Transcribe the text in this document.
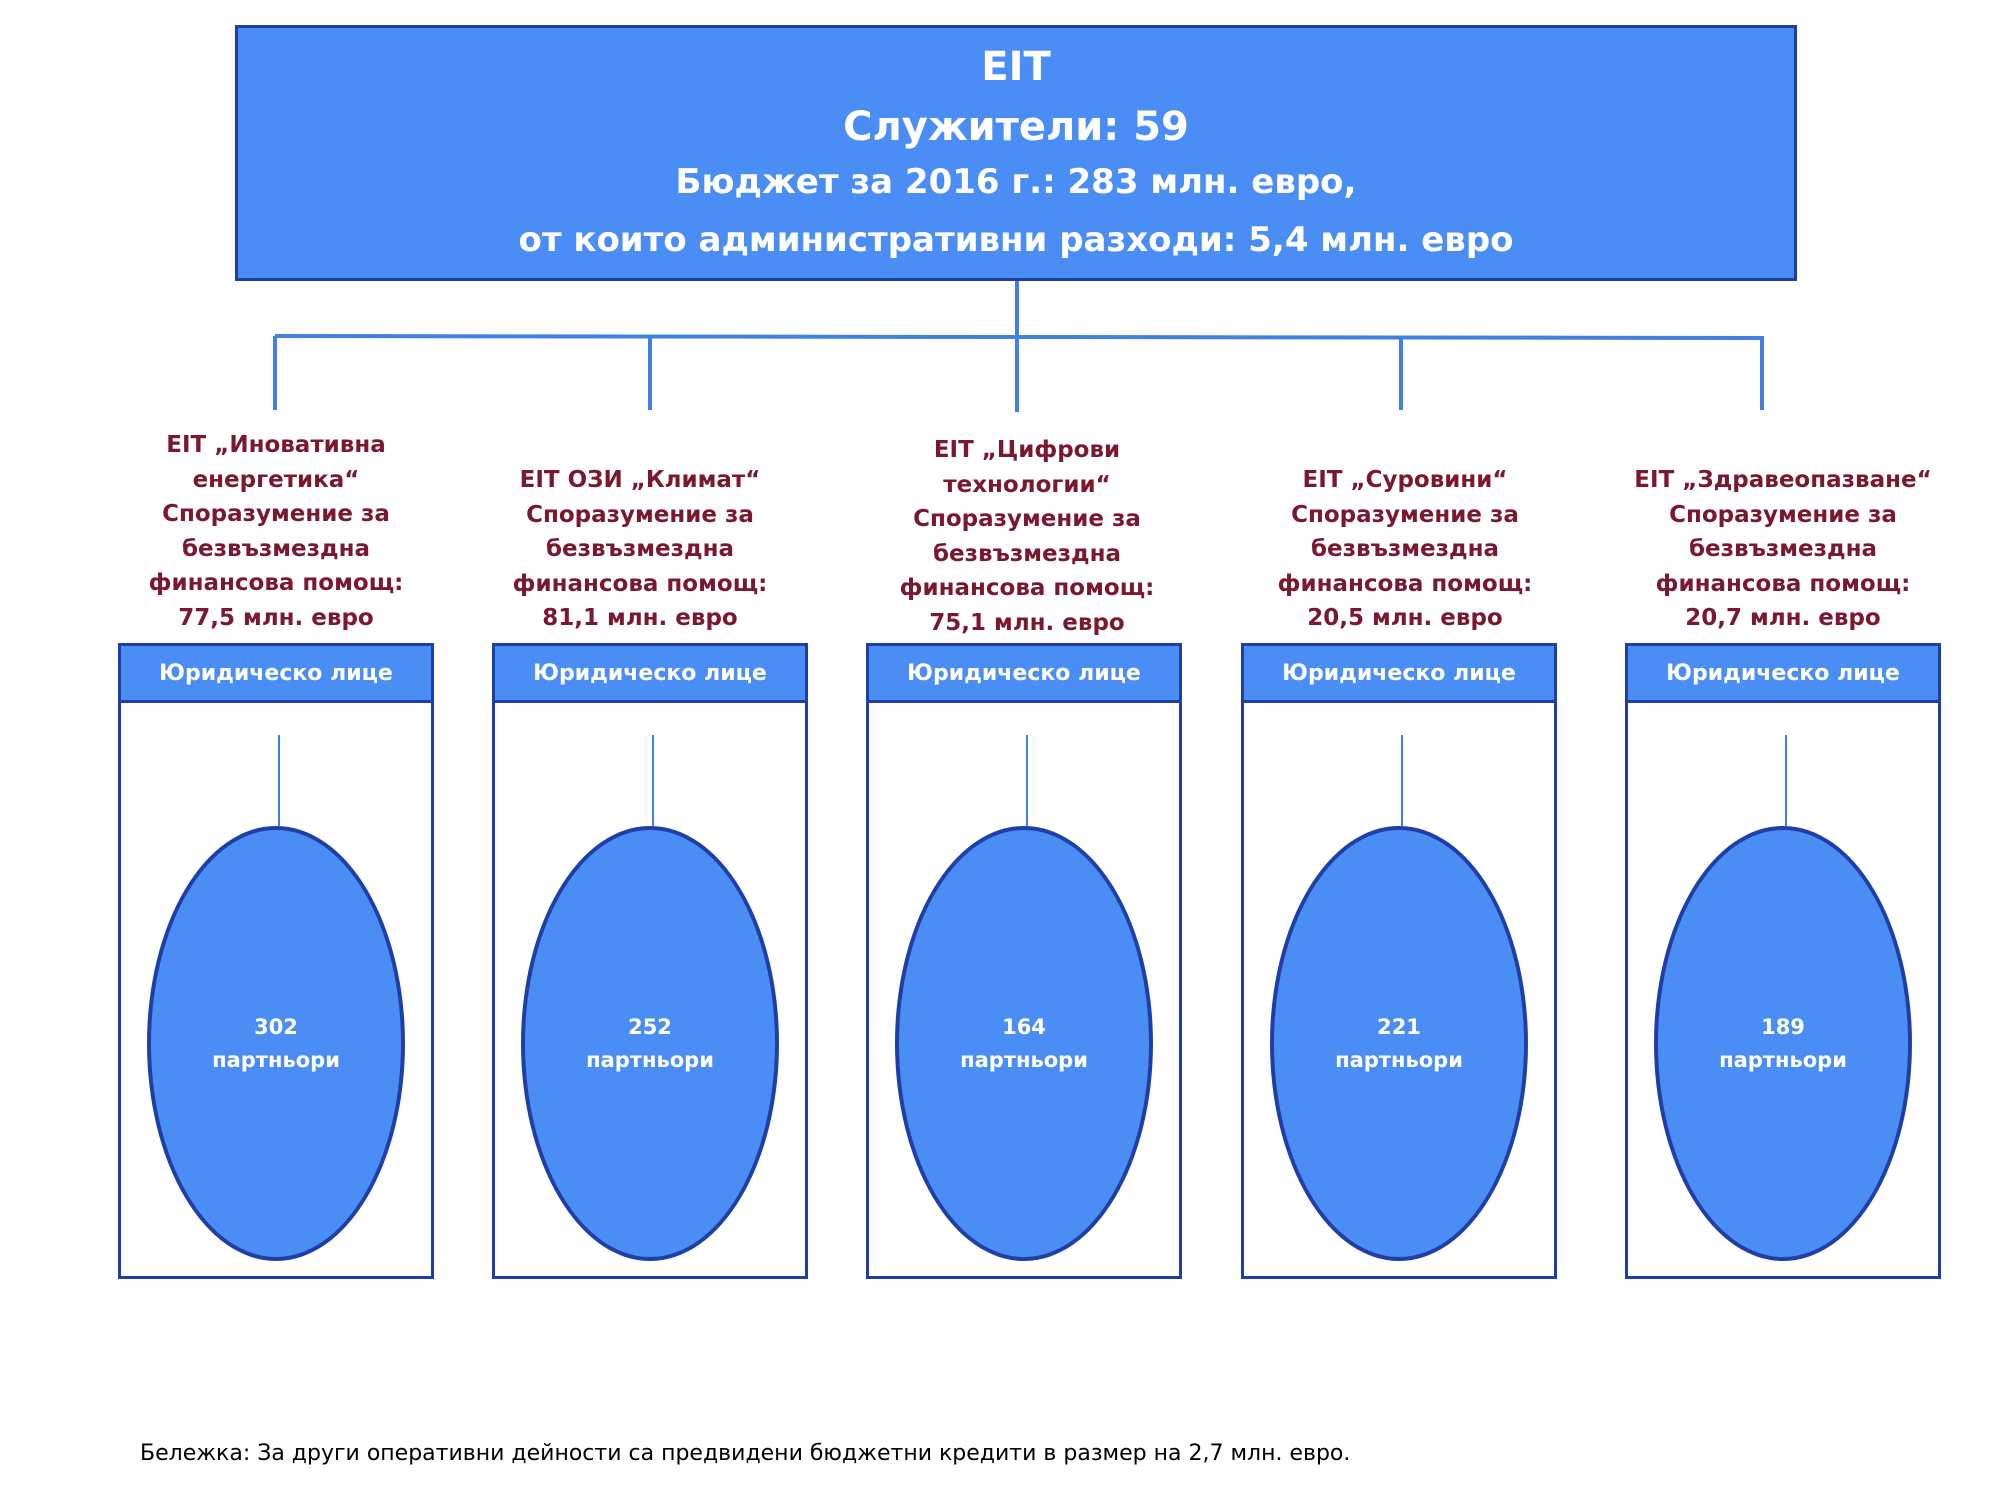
EIT
Служители: 59
Бюджет за 2016 г.: 283 млн. евро,
от които административни разходи: 5,4 млн. евро
EIT „Иновативна
енергетика“
Споразумение за
безвъзмездна
финансова помощ:
77,5 млн. евро
Юридическо лице
302
партньори
EIT ОЗИ „Климат“
Споразумение за
безвъзмездна
финансова помощ:
81,1 млн. евро
Юридическо лице
252
партньори
EIT „Цифрови
технологии“
Споразумение за
безвъзмездна
финансова помощ:
75,1 млн. евро
Юридическо лице
164
партньори
EIT „Суровини“
Споразумение за
безвъзмездна
финансова помощ:
20,5 млн. евро
Юридическо лице
221
партньори
EIT „Здравеопазване“
Споразумение за
безвъзмездна
финансова помощ:
20,7 млн. евро
Юридическо лице
189
партньори
Бележка: За други оперативни дейности са предвидени бюджетни кредити в размер на 2,7 млн. евро.
